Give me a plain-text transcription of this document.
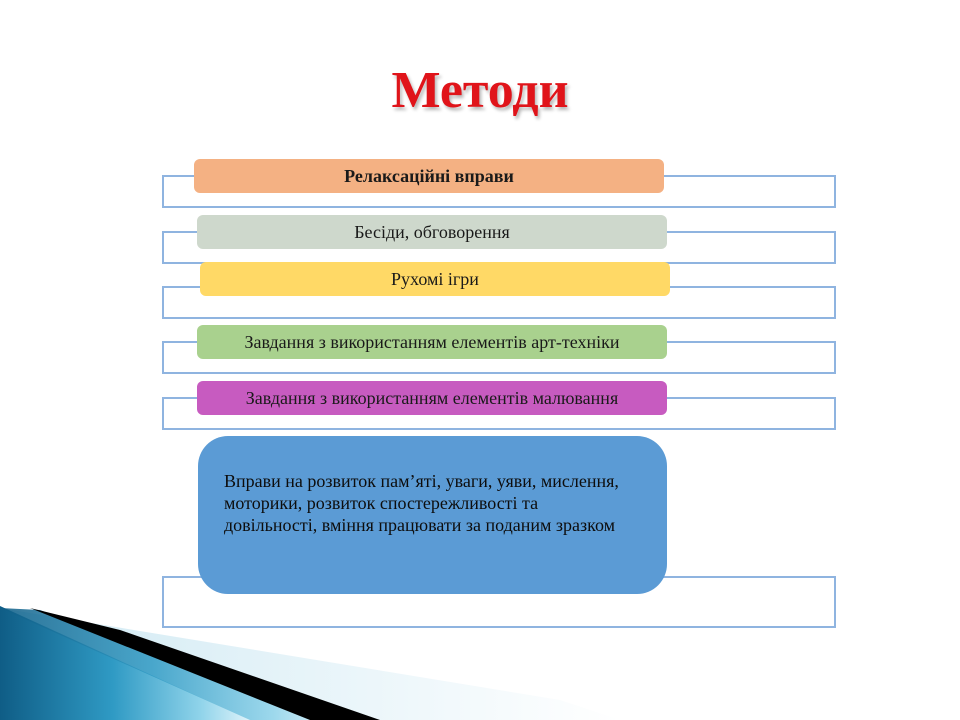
Методи
Релаксаційні вправи
Бесіди, обговорення
Рухомі ігри
Завдання з використанням елементів арт-техніки
Завдання з використанням елементів малювання
Вправи на розвиток пам’яті, уваги, уяви, мислення, моторики, розвиток спостережливості та довільності, вміння працювати за поданим зразком
